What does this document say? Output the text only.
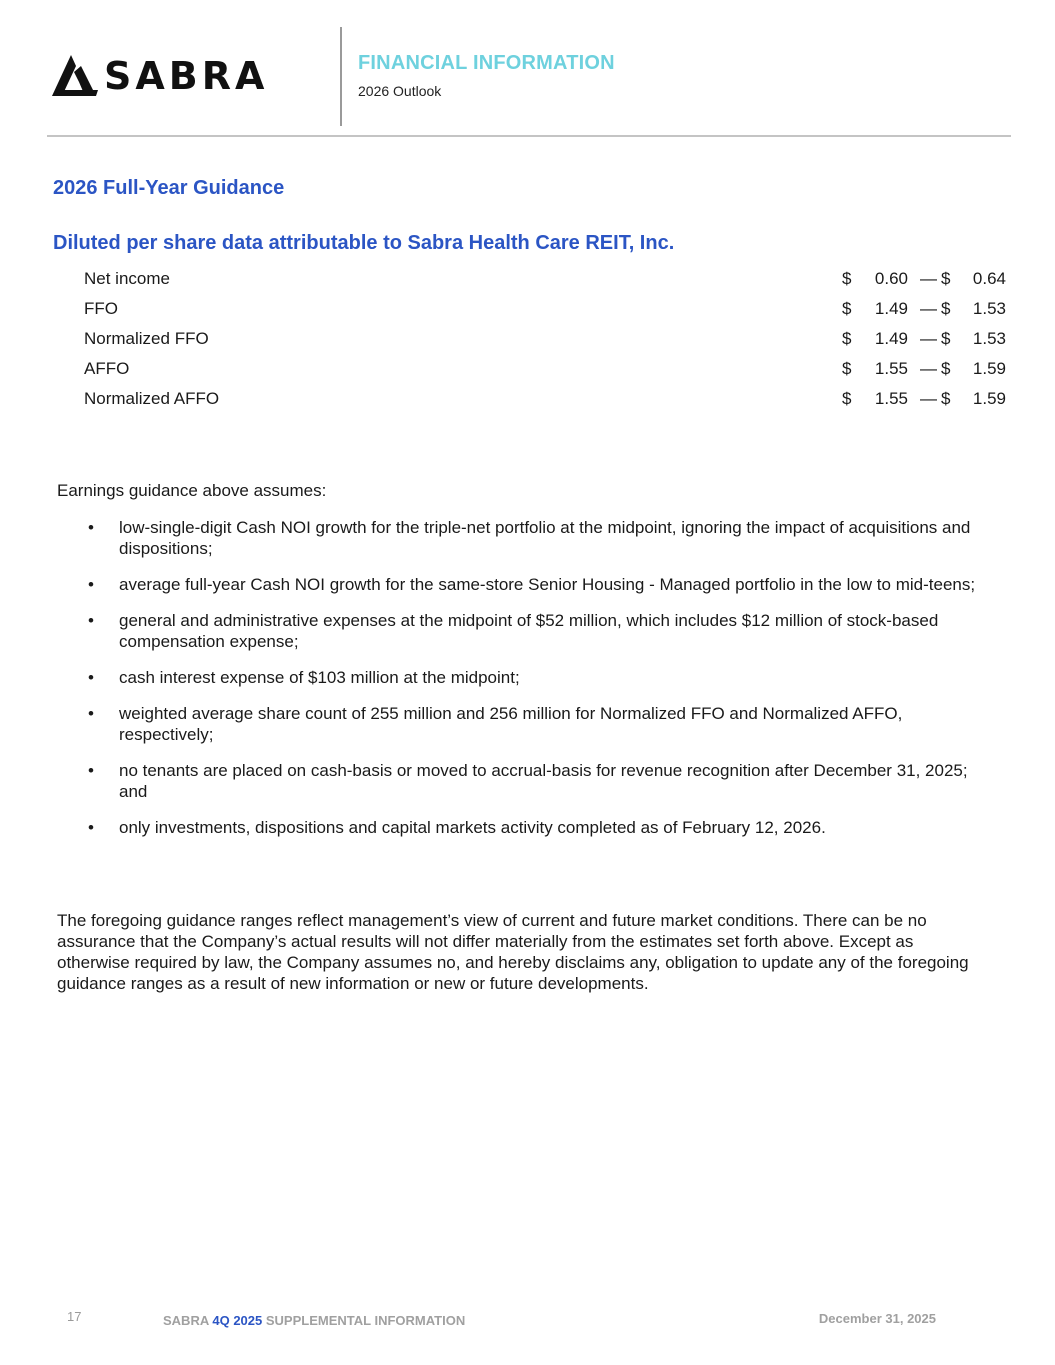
SABRA	FINANCIAL INFORMATION
2026 Outlook
2026 Full-Year Guidance
Diluted per share data attributable to Sabra Health Care REIT, Inc.
Net income	$ 0.60 — $ 0.64
FFO	$ 1.49 — $ 1.53
Normalized FFO	$ 1.49 — $ 1.53
AFFO	$ 1.55 — $ 1.59
Normalized AFFO	$ 1.55 — $ 1.59
Earnings guidance above assumes:
• low-single-digit Cash NOI growth for the triple-net portfolio at the midpoint, ignoring the impact of acquisitions and dispositions;
• average full-year Cash NOI growth for the same-store Senior Housing - Managed portfolio in the low to mid-teens;
• general and administrative expenses at the midpoint of $52 million, which includes $12 million of stock-based compensation expense;
• cash interest expense of $103 million at the midpoint;
• weighted average share count of 255 million and 256 million for Normalized FFO and Normalized AFFO, respectively;
• no tenants are placed on cash-basis or moved to accrual-basis for revenue recognition after December 31, 2025; and
• only investments, dispositions and capital markets activity completed as of February 12, 2026.

The foregoing guidance ranges reflect management’s view of current and future market conditions. There can be no assurance that the Company’s actual results will not differ materially from the estimates set forth above. Except as otherwise required by law, the Company assumes no, and hereby disclaims any, obligation to update any of the foregoing guidance ranges as a result of new information or new or future developments.

17	SABRA 4Q 2025 SUPPLEMENTAL INFORMATION	December 31, 2025
